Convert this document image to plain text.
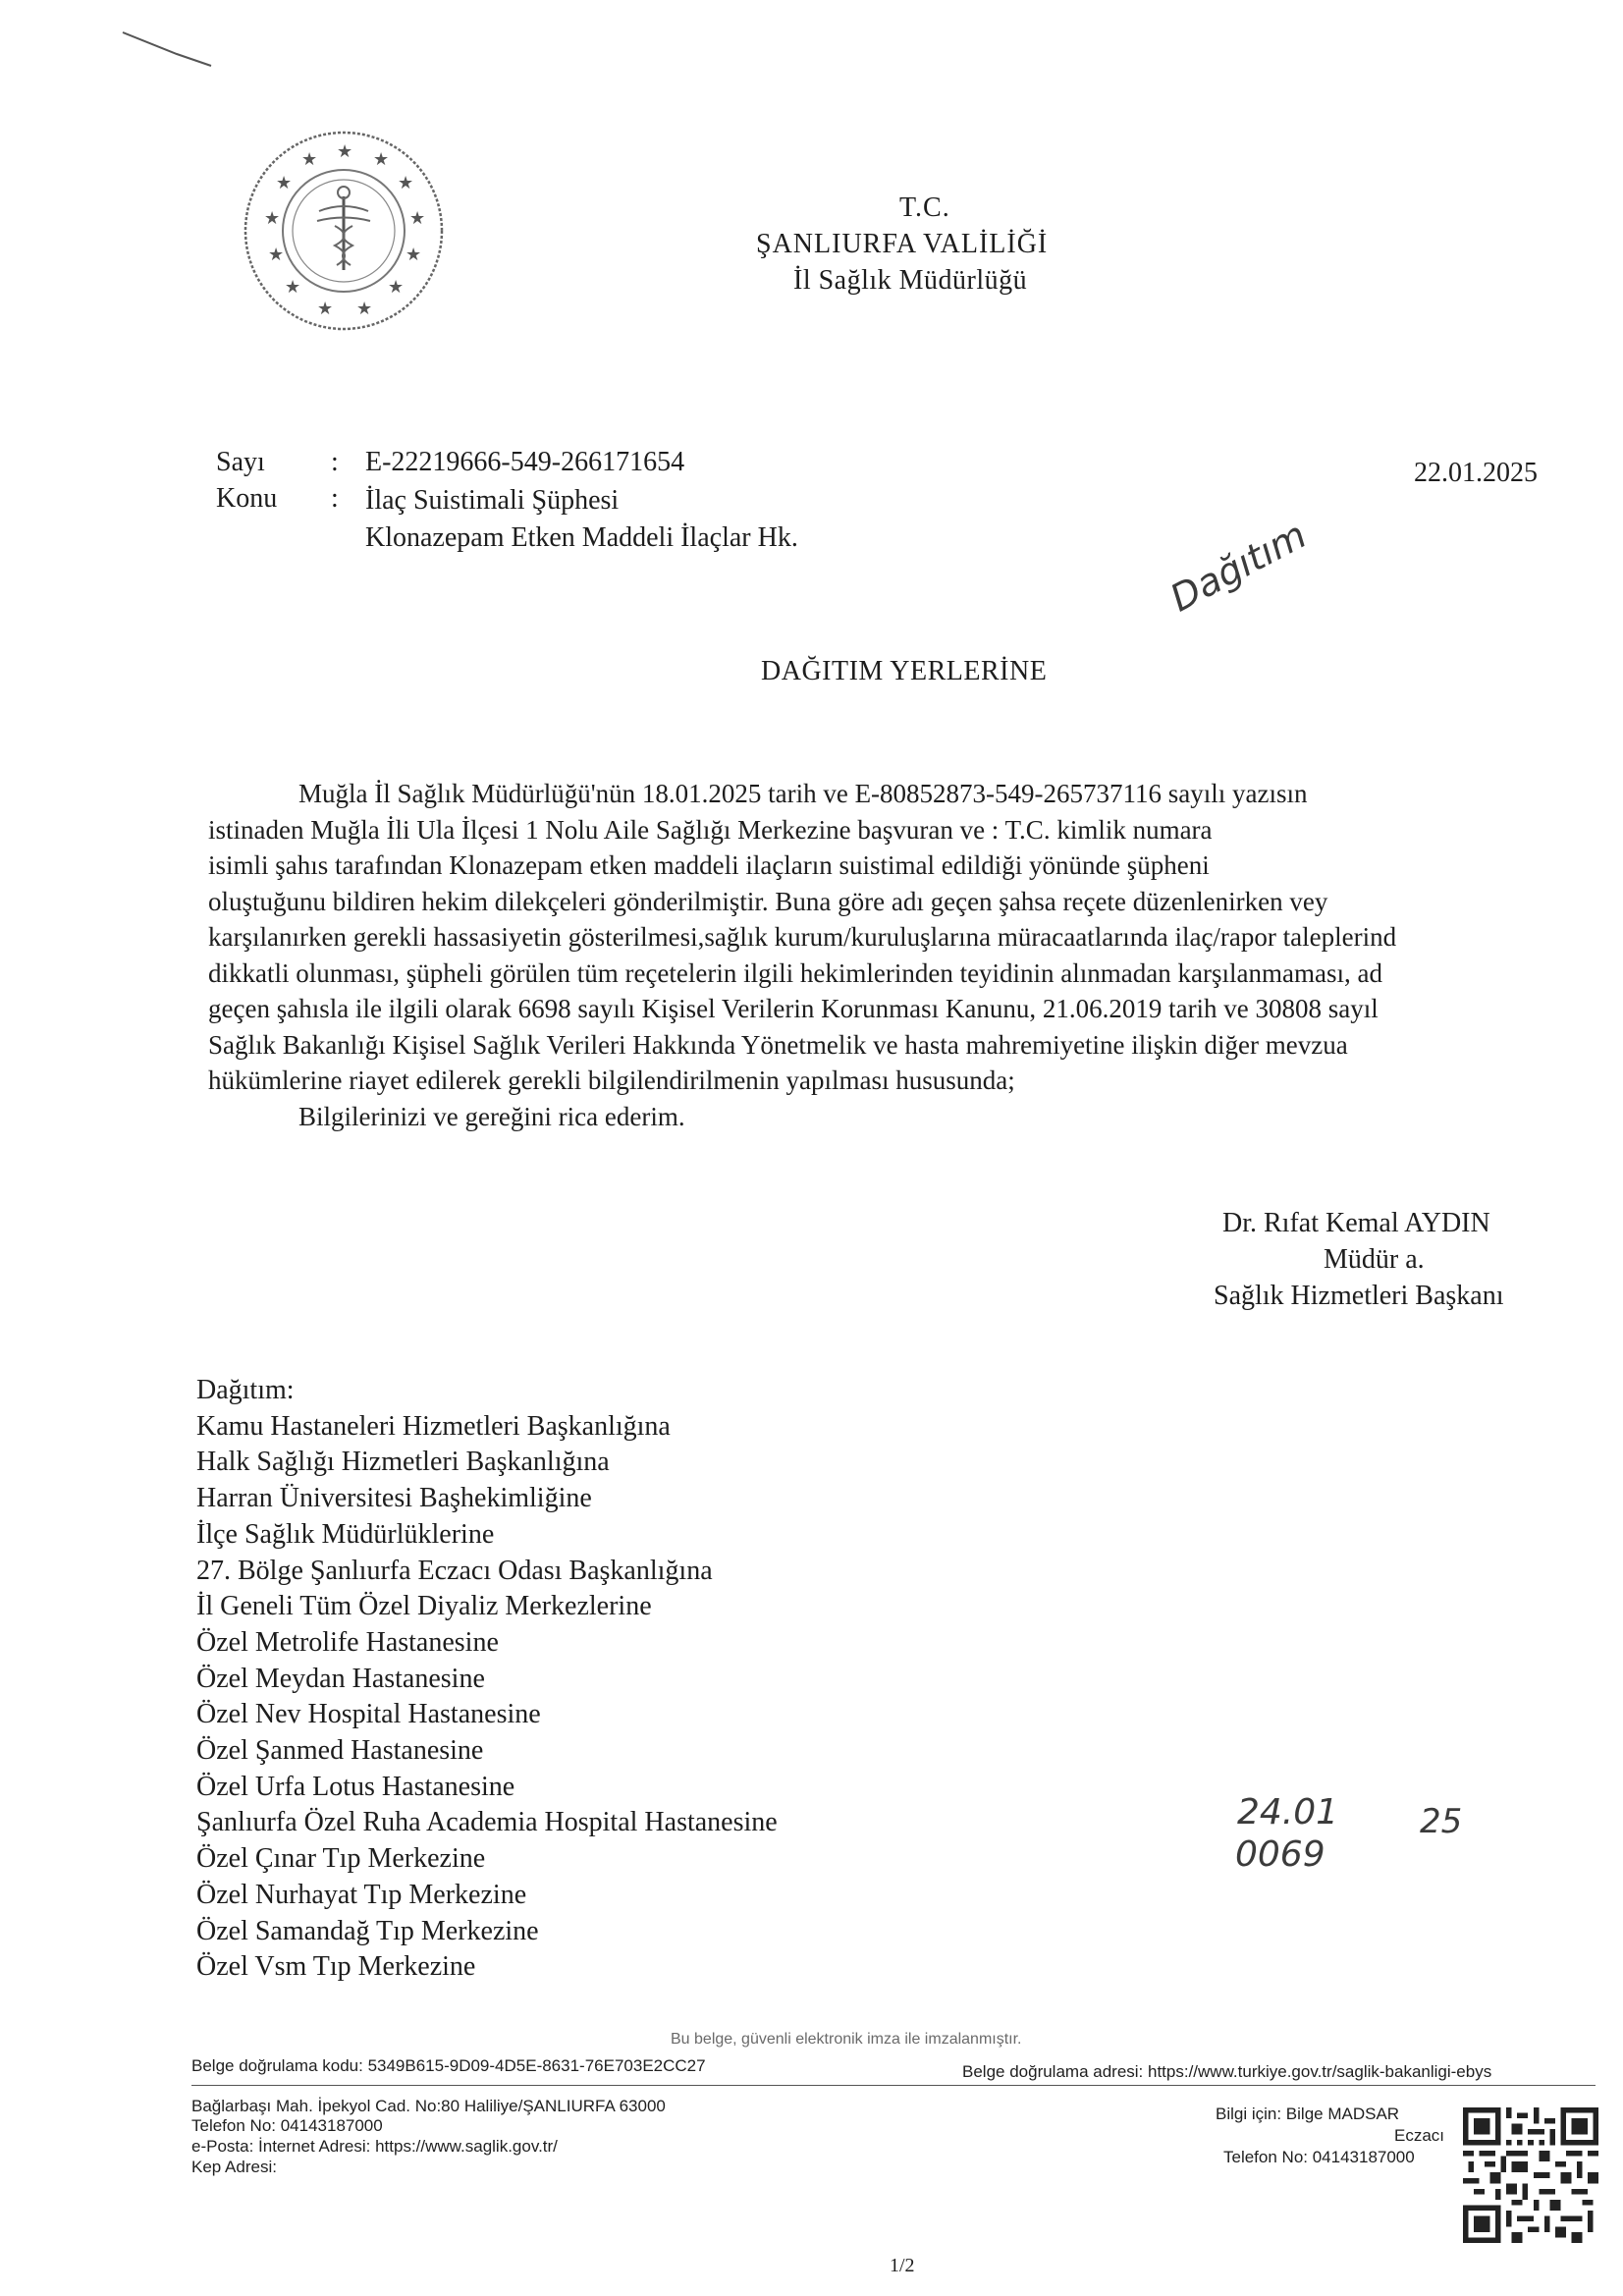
★ ★
★
★
★
★
★
★
★
★
★
★
★
T.C.
ŞANLIURFA VALİLİĞİ
İl Sağlık Müdürlüğü
Sayı : E-22219666-549-266171654	22.01.2025
Konu : İlaç Suistimali Şüphesi
Klonazepam Etken Maddeli İlaçlar Hk.	Dağıtım
DAĞITIM YERLERİNE
Muğla İl Sağlık Müdürlüğü'nün 18.01.2025 tarih ve E-80852873-549-265737116 sayılı yazısın
istinaden Muğla İli Ula İlçesi 1 Nolu Aile Sağlığı Merkezine başvuran ve : T.C. kimlik numara
isimli şahıs tarafından Klonazepam etken maddeli ilaçların suistimal edildiği yönünde şüpheni
oluştuğunu bildiren hekim dilekçeleri gönderilmiştir. Buna göre adı geçen şahsa reçete düzenlenirken vey
karşılanırken gerekli hassasiyetin gösterilmesi,sağlık kurum/kuruluşlarına müracaatlarında ilaç/rapor taleplerind
dikkatli olunması, şüpheli görülen tüm reçetelerin ilgili hekimlerinden teyidinin alınmadan karşılanmaması, ad
geçen şahısla ile ilgili olarak 6698 sayılı Kişisel Verilerin Korunması Kanunu, 21.06.2019 tarih ve 30808 sayıl
Sağlık Bakanlığı Kişisel Sağlık Verileri Hakkında Yönetmelik ve hasta mahremiyetine ilişkin diğer mevzua
hükümlerine riayet edilerek gerekli bilgilendirilmenin yapılması hususunda;
Bilgilerinizi ve gereğini rica ederim.
Dr. Rıfat Kemal AYDIN
Müdür a.
Sağlık Hizmetleri Başkanı
Dağıtım:
Kamu Hastaneleri Hizmetleri Başkanlığına
Halk Sağlığı Hizmetleri Başkanlığına
Harran Üniversitesi Başhekimliğine
İlçe Sağlık Müdürlüklerine
27. Bölge Şanlıurfa Eczacı Odası Başkanlığına
İl Geneli Tüm Özel Diyaliz Merkezlerine
Özel Metrolife Hastanesine
Özel Meydan Hastanesine
Özel Nev Hospital Hastanesine
Özel Şanmed Hastanesine
Özel Urfa Lotus Hastanesine
Şanlıurfa Özel Ruha Academia Hospital Hastanesine
Özel Çınar Tıp Merkezine
Özel Nurhayat Tıp Merkezine
Özel Samandağ Tıp Merkezine
Özel Vsm Tıp Merkezine
24.01
0069
25
Bu belge, güvenli elektronik imza ile imzalanmıştır.
Belge doğrulama kodu: 5349B615-9D09-4D5E-8631-76E703E2CC27	Belge doğrulama adresi: https://www.turkiye.gov.tr/saglik-bakanligi-ebys
Bağlarbaşı Mah. İpekyol Cad. No:80 Haliliye/ŞANLIURFA 63000
Telefon No: 04143187000
e-Posta: İnternet Adresi: https://www.saglik.gov.tr/
Kep Adresi:
Bilgi için: Bilge MADSAR
Eczacı
Telefon No: 04143187000
1/2
